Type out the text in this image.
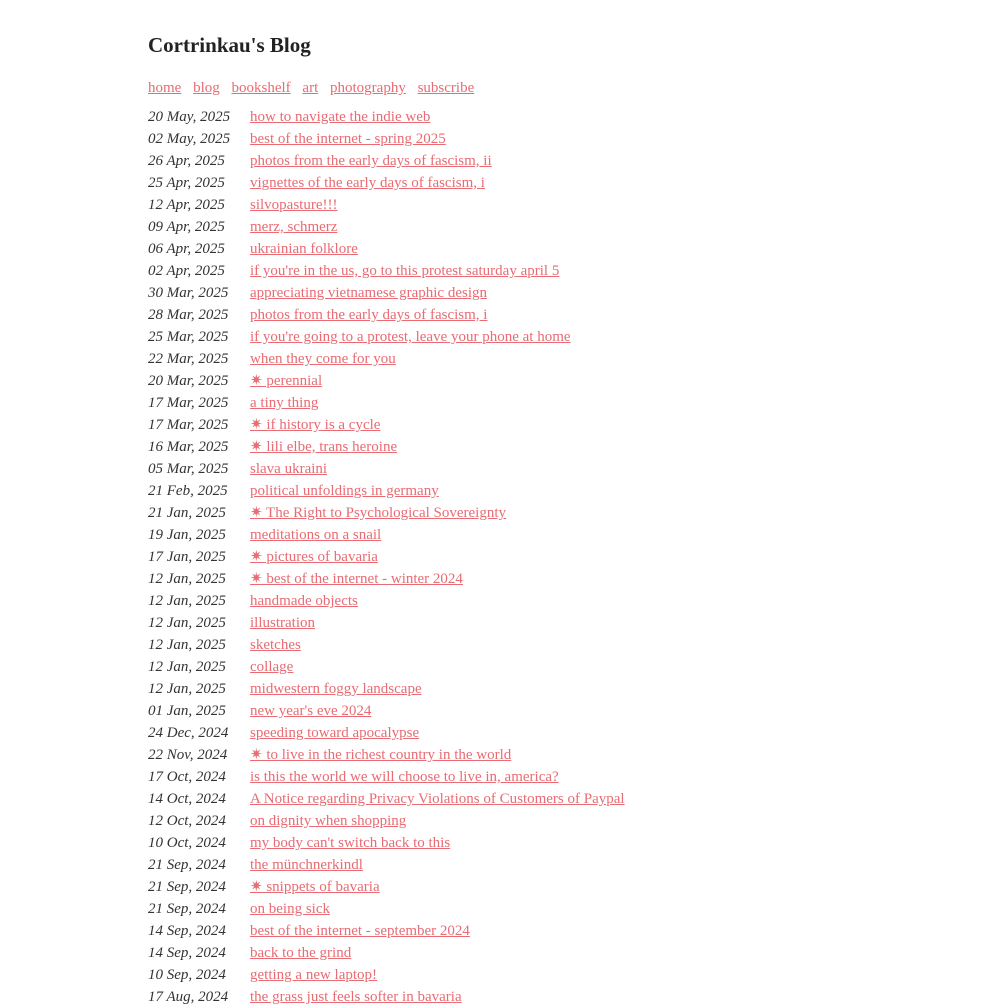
Cortrinkau's Blog
home blog bookshelf art photography subscribe
20 May, 2025	how to navigate the indie web
02 May, 2025	best of the internet - spring 2025
26 Apr, 2025	photos from the early days of fascism, ii
25 Apr, 2025	vignettes of the early days of fascism, i
12 Apr, 2025	silvopasture!!!
09 Apr, 2025	merz, schmerz
06 Apr, 2025	ukrainian folklore
02 Apr, 2025	if you're in the us, go to this protest saturday april 5
30 Mar, 2025	appreciating vietnamese graphic design
28 Mar, 2025	photos from the early days of fascism, i
25 Mar, 2025	if you're going to a protest, leave your phone at home
22 Mar, 2025	when they come for you
20 Mar, 2025	✷ perennial
17 Mar, 2025	a tiny thing
17 Mar, 2025	✷ if history is a cycle
16 Mar, 2025	✷ lili elbe, trans heroine
05 Mar, 2025	slava ukraini
21 Feb, 2025	political unfoldings in germany
21 Jan, 2025	✷ The Right to Psychological Sovereignty
19 Jan, 2025	meditations on a snail
17 Jan, 2025	✷ pictures of bavaria
12 Jan, 2025	✷ best of the internet - winter 2024
12 Jan, 2025	handmade objects
12 Jan, 2025	illustration
12 Jan, 2025	sketches
12 Jan, 2025	collage
12 Jan, 2025	midwestern foggy landscape
01 Jan, 2025	new year's eve 2024
24 Dec, 2024	speeding toward apocalypse
22 Nov, 2024	✷ to live in the richest country in the world
17 Oct, 2024	is this the world we will choose to live in, america?
14 Oct, 2024	A Notice regarding Privacy Violations of Customers of Paypal
12 Oct, 2024	on dignity when shopping
10 Oct, 2024	my body can't switch back to this
21 Sep, 2024	the münchnerkindl
21 Sep, 2024	✷ snippets of bavaria
21 Sep, 2024	on being sick
14 Sep, 2024	best of the internet - september 2024
14 Sep, 2024	back to the grind
10 Sep, 2024	getting a new laptop!
17 Aug, 2024	the grass just feels softer in bavaria
